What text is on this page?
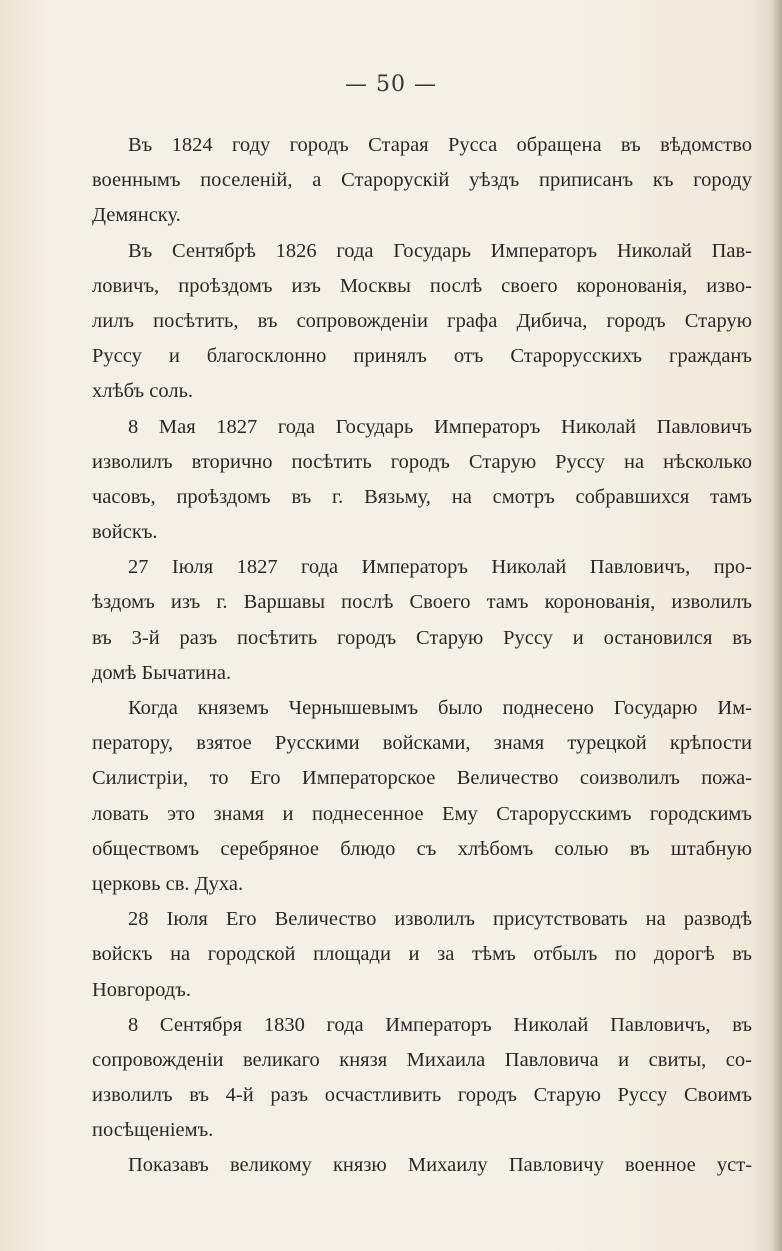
— 50 —
Въ 1824 году городъ Старая Русса обращена въ вѣдомство
военнымъ поселенiй, а Староруcкiй уѣздъ приписанъ къ городу
Демянску.
Въ Сентябрѣ 1826 года Государь Императоръ Николай Пав-
ловичъ, проѣздомъ изъ Москвы послѣ своего коронованiя, изво-
лилъ посѣтить, въ сопровожденiи графа Дибича, городъ Старую
Руссу и благосклонно принялъ отъ Старорусскихъ гражданъ
хлѣбъ соль.
8 Мая 1827 года Государь Императоръ Николай Павловичъ
изволилъ вторично посѣтить городъ Старую Руссу на нѣсколько
часовъ, проѣздомъ въ г. Вязьму, на смотръ собравшихся тамъ
войскъ.
27 Iюля 1827 года Императоръ Николай Павловичъ, про-
ѣздомъ изъ г. Варшавы послѣ Своего тамъ коронованiя, изволилъ
въ 3-й разъ посѣтить городъ Старую Руссу и остановился въ
домѣ Бычатина.
Когда княземъ Чернышевымъ было поднесено Государю Им-
ператору, взятое Русскими войсками, знамя турецкой крѣпости
Силистрiи, то Его Императорское Величество соизволилъ пожа-
ловать это знамя и поднесенное Ему Старорусскимъ городскимъ
обществомъ серебряное блюдо съ хлѣбомъ солью въ штабную
церковь св. Духа.
28 Iюля Его Величество изволилъ присутствовать на разводѣ
войскъ на городской площади и за тѣмъ отбылъ по дорогѣ въ
Новгородъ.
8 Сентября 1830 года Императоръ Николай Павловичъ, въ
сопровожденiи великаго князя Михаила Павловича и свиты, со-
изволилъ въ 4-й разъ осчастливить городъ Старую Руссу Своимъ
посѣщенiемъ.
Показавъ великому князю Михаилу Павловичу военное уст-
